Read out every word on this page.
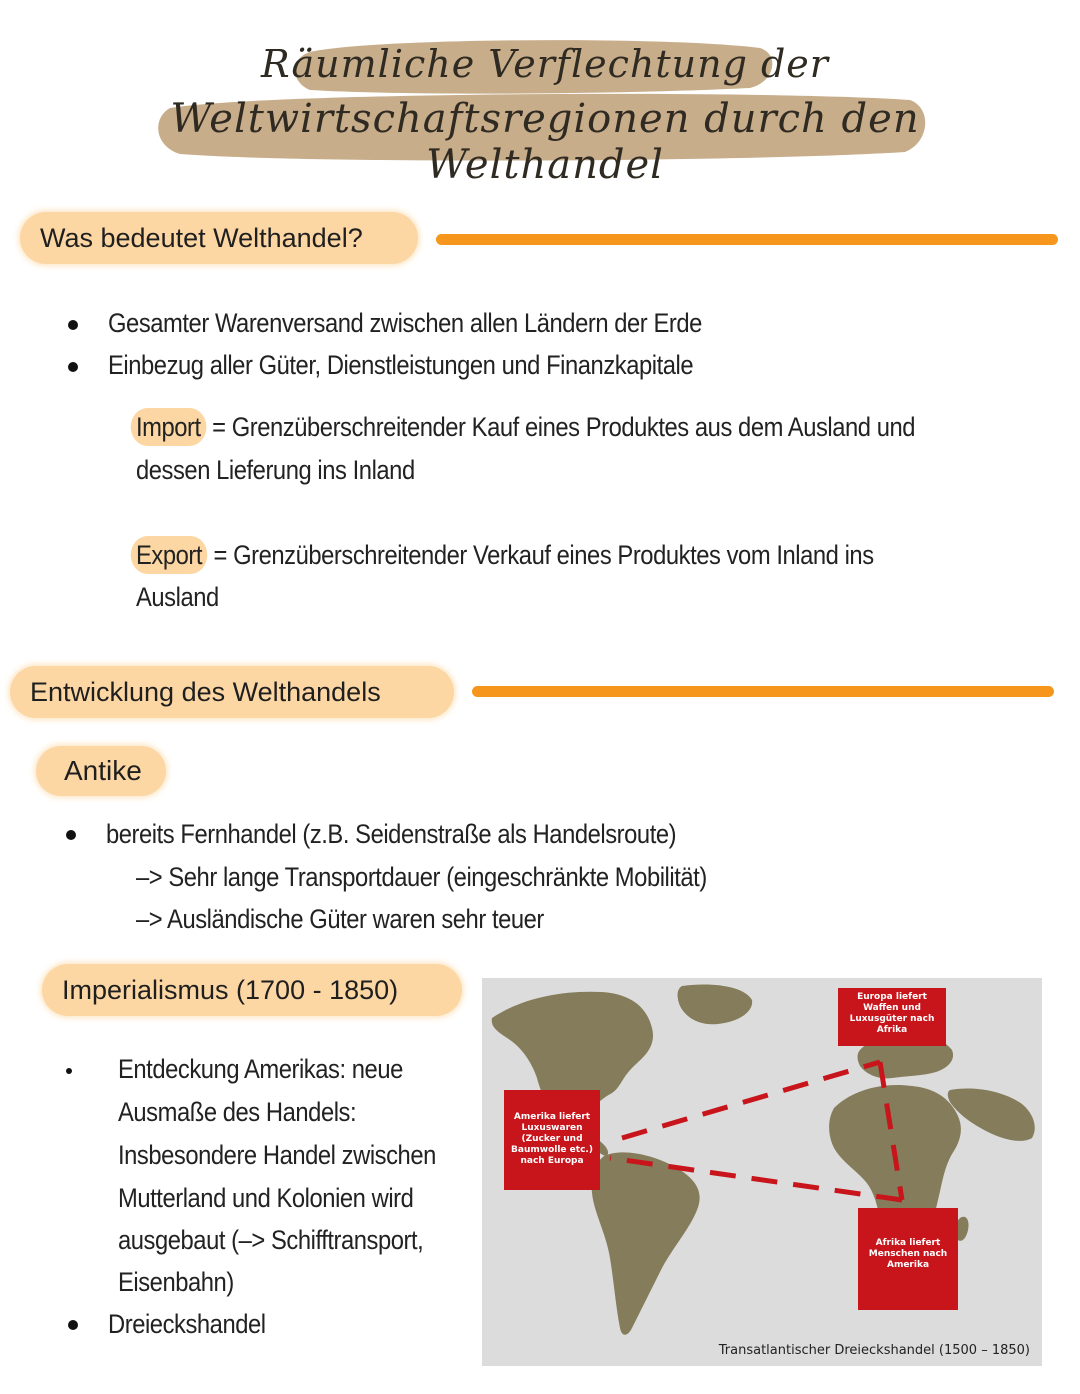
Räumliche Verflechtung der
Weltwirtschaftsregionen durch den Welthandel
Was bedeutet Welthandel?
Gesamter Warenversand zwischen allen Ländern der Erde
Einbezug aller Güter, Dienstleistungen und Finanzkapitale
Import = Grenzüberschreitender Kauf eines Produktes aus dem Ausland und
dessen Lieferung ins Inland
Export = Grenzüberschreitender Verkauf eines Produktes vom Inland ins
Ausland
Entwicklung des Welthandels
Antike
bereits Fernhandel (z.B. Seidenstraße als Handelsroute)
–> Sehr lange Transportdauer (eingeschränkte Mobilität)
–> Ausländische Güter waren sehr teuer
Imperialismus (1700 - 1850)
Entdeckung Amerikas: neue
Ausmaße des Handels:
Insbesondere Handel zwischen
Mutterland und Kolonien wird
ausgebaut (–> Schifftransport,
Eisenbahn)
Dreieckshandel
Europa liefert Waffen und Luxusgüter nach Afrika
Amerika liefert Luxuswaren (Zucker und Baumwolle etc.) nach Europa
Afrika liefert Menschen nach Amerika
Transatlantischer Dreieckshandel (1500 – 1850)
